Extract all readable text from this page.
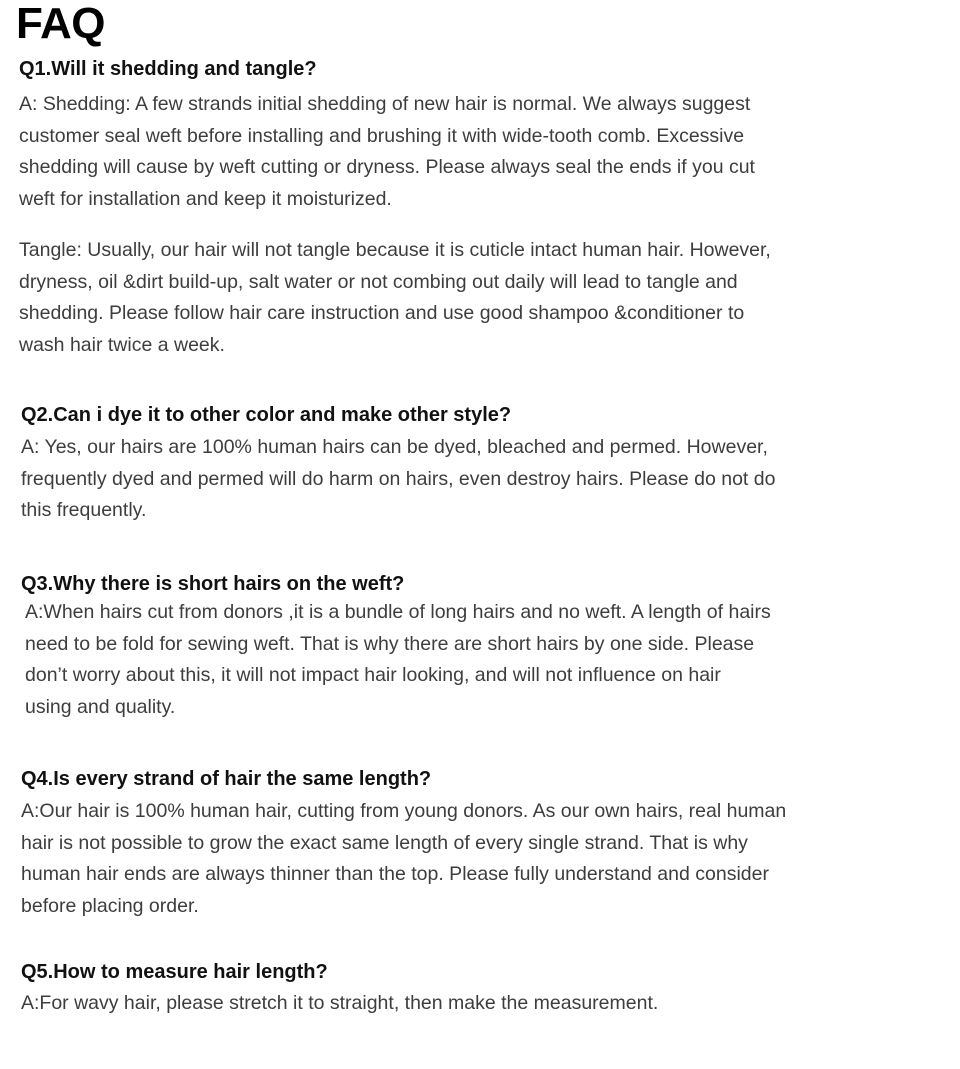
FAQ

Q1.Will it shedding and tangle?

A: Shedding: A few strands initial shedding of new hair is normal. We always suggest
customer seal weft before installing and brushing it with wide-tooth comb. Excessive
shedding will cause by weft cutting or dryness. Please always seal the ends if you cut
weft for installation and keep it moisturized.

Tangle: Usually, our hair will not tangle because it is cuticle intact human hair. However,
dryness, oil &dirt build-up, salt water or not combing out daily will lead to tangle and
shedding. Please follow hair care instruction and use good shampoo &conditioner to
wash hair twice a week.

Q2.Can i dye it to other color and make other style?

A: Yes, our hairs are 100% human hairs can be dyed, bleached and permed. However,
frequently dyed and permed will do harm on hairs, even destroy hairs. Please do not do
this frequently.

Q3.Why there is short hairs on the weft?

A:When hairs cut from donors ,it is a bundle of long hairs and no weft. A length of hairs
need to be fold for sewing weft. That is why there are short hairs by one side. Please
don’t worry about this, it will not impact hair looking, and will not influence on hair
using and quality.

Q4.Is every strand of hair the same length?

A:Our hair is 100% human hair, cutting from young donors. As our own hairs, real human
hair is not possible to grow the exact same length of every single strand. That is why
human hair ends are always thinner than the top. Please fully understand and consider
before placing order.

Q5.How to measure hair length?

A:For wavy hair, please stretch it to straight, then make the measurement.
